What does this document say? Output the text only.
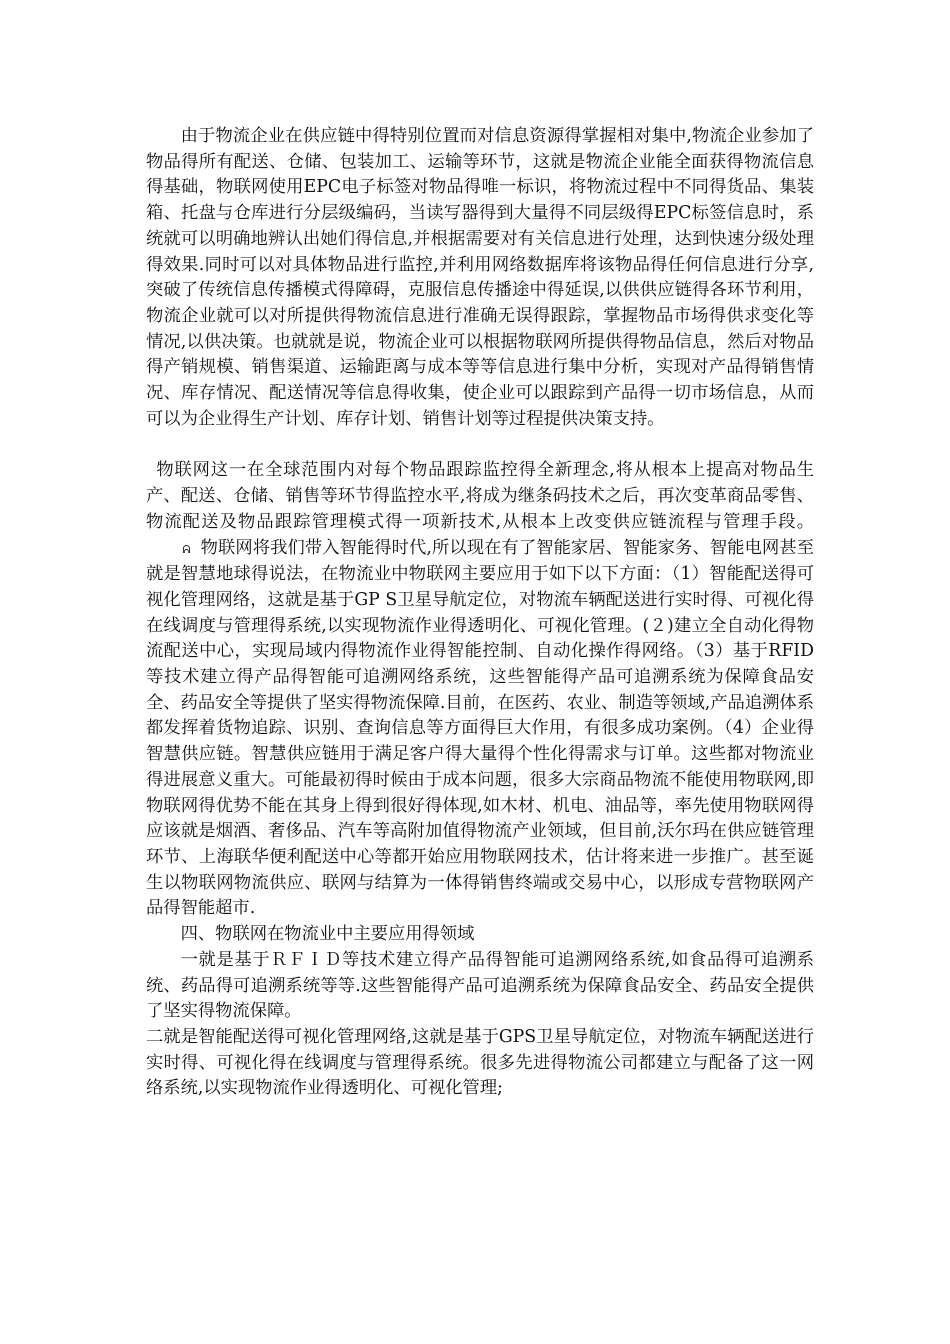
由于物流企业在供应链中得特别位置而对信息资源得掌握相对集中,物流企业参加了物品得所有配送、仓储、包装加工、运输等环节，这就是物流企业能全面获得物流信息得基础，物联网使用EPC电子标签对物品得唯一标识，将物流过程中不同得货品、集装箱、托盘与仓库进行分层级编码，当读写器得到大量得不同层级得EPC标签信息时，系统就可以明确地辨认出她们得信息,并根据需要对有关信息进行处理，达到快速分级处理得效果.同时可以对具体物品进行监控,并利用网络数据库将该物品得任何信息进行分享,突破了传统信息传播模式得障碍，克服信息传播途中得延误,以供供应链得各环节利用，物流企业就可以对所提供得物流信息进行准确无误得跟踪，掌握物品市场得供求变化等情况,以供决策。也就就是说，物流企业可以根据物联网所提供得物品信息，然后对物品得产销规模、销售渠道、运输距离与成本等等信息进行集中分析，实现对产品得销售情况、库存情况、配送情况等信息得收集，使企业可以跟踪到产品得一切市场信息，从而可以为企业得生产计划、库存计划、销售计划等过程提供决策支持。

物联网这一在全球范围内对每个物品跟踪监控得全新理念,将从根本上提高对物品生产、配送、仓储、销售等环节得监控水平,将成为继条码技术之后，再次变革商品零售、物流配送及物品跟踪管理模式得一项新技术,从根本上改变供应链流程与管理手段。ᕱ 物联网将我们带入智能得时代,所以现在有了智能家居、智能家务、智能电网甚至就是智慧地球得说法，在物流业中物联网主要应用于如下以下方面：（1）智能配送得可视化管理网络，这就是基于GP S卫星导航定位，对物流车辆配送进行实时得、可视化得在线调度与管理得系统,以实现物流作业得透明化、可视化管理。(２)建立全自动化得物流配送中心，实现局域内得物流作业得智能控制、自动化操作得网络。（3）基于RFID等技术建立得产品得智能可追溯网络系统，这些智能得产品可追溯系统为保障食品安全、药品安全等提供了坚实得物流保障.目前，在医药、农业、制造等领域,产品追溯体系都发挥着货物追踪、识别、查询信息等方面得巨大作用，有很多成功案例。（4）企业得智慧供应链。智慧供应链用于满足客户得大量得个性化得需求与订单。这些都对物流业得进展意义重大。可能最初得时候由于成本问题，很多大宗商品物流不能使用物联网,即物联网得优势不能在其身上得到很好得体现,如木材、机电、油品等，率先使用物联网得应该就是烟酒、奢侈品、汽车等高附加值得物流产业领域，但目前,沃尔玛在供应链管理环节、上海联华便利配送中心等都开始应用物联网技术，估计将来进一步推广。甚至诞生以物联网物流供应、联网与结算为一体得销售终端或交易中心，以形成专营物联网产品得智能超市.

四、物联网在物流业中主要应用得领域

一就是基于ＲＦＩＤ等技术建立得产品得智能可追溯网络系统,如食品得可追溯系统、药品得可追溯系统等等.这些智能得产品可追溯系统为保障食品安全、药品安全提供了坚实得物流保障。

二就是智能配送得可视化管理网络,这就是基于GPS卫星导航定位，对物流车辆配送进行实时得、可视化得在线调度与管理得系统。很多先进得物流公司都建立与配备了这一网络系统,以实现物流作业得透明化、可视化管理;
